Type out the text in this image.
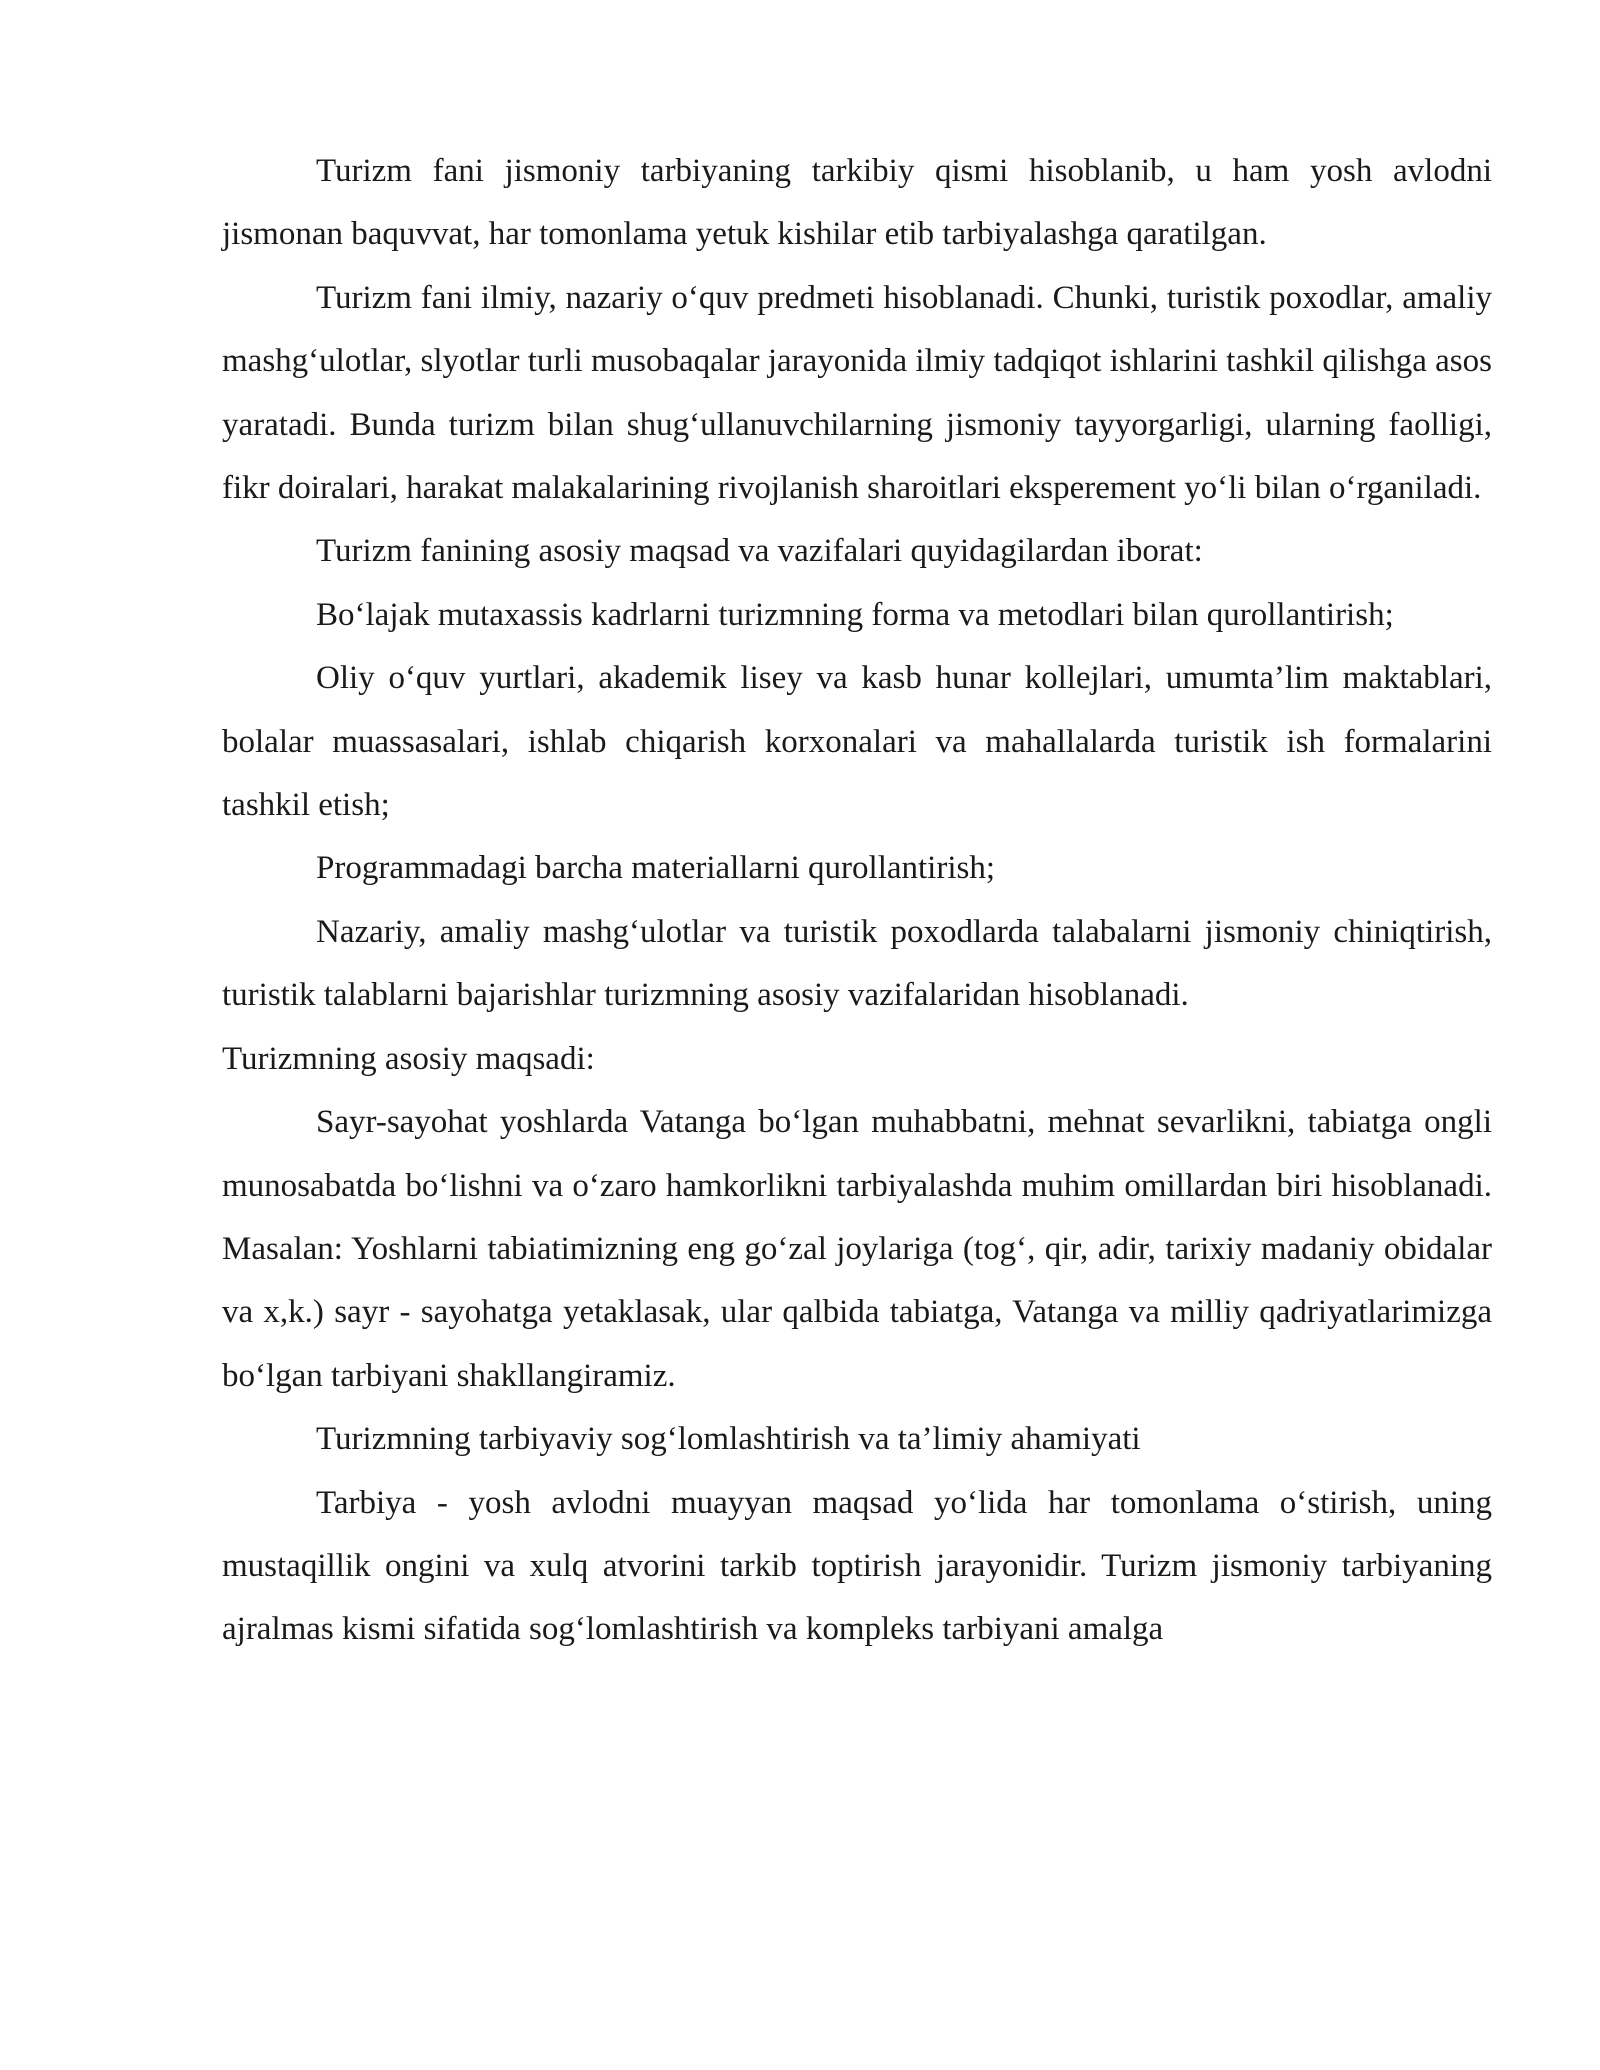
Turizm fani jismoniy tarbiyaning tarkibiy qismi hisoblanib, u ham yosh avlodni jismonan baquvvat, har tomonlama yetuk kishilar etib tarbiyalashga qaratilgan.

Turizm fani ilmiy, nazariy o‘quv predmeti hisoblanadi. Chunki, turistik poxodlar, amaliy mashg‘ulotlar, slyotlar turli musobaqalar jarayonida ilmiy tadqiqot ishlarini tashkil qilishga asos yaratadi. Bunda turizm bilan shug‘ullanuvchilarning jismoniy tayyorgarligi, ularning faolligi, fikr doiralari, harakat malakalarining rivojlanish sharoitlari eksperement yo‘li bilan o‘rganiladi.

Turizm fanining asosiy maqsad va vazifalari quyidagilardan iborat:

Bo‘lajak mutaxassis kadrlarni turizmning forma va metodlari bilan qurollantirish;

Oliy o‘quv yurtlari, akademik lisey va kasb hunar kollejlari, umumta’lim maktablari, bolalar muassasalari, ishlab chiqarish korxonalari va mahallalarda turistik ish formalarini tashkil etish;

Programmadagi barcha materiallarni qurollantirish;

Nazariy, amaliy mashg‘ulotlar va turistik poxodlarda talabalarni jismoniy chiniqtirish, turistik talablarni bajarishlar turizmning asosiy vazifalaridan hisoblanadi.

Turizmning asosiy maqsadi:

Sayr-sayohat yoshlarda Vatanga bo‘lgan muhabbatni, mehnat sevarlikni, tabiatga ongli munosabatda bo‘lishni va o‘zaro hamkorlikni tarbiyalashda muhim omillardan biri hisoblanadi. Masalan: Yoshlarni tabiatimizning eng go‘zal joylariga (tog‘, qir, adir, tarixiy madaniy obidalar va x,k.) sayr - sayohatga yetaklasak, ular qalbida tabiatga, Vatanga va milliy qadriyatlarimizga bo‘lgan tarbiyani shakllangiramiz.

Turizmning tarbiyaviy sog‘lomlashtirish va ta’limiy ahamiyati

Tarbiya - yosh avlodni muayyan maqsad yo‘lida har tomonlama o‘stirish, uning mustaqillik ongini va xulq atvorini tarkib toptirish jarayonidir. Turizm jismoniy tarbiyaning ajralmas kismi sifatida sog‘lomlashtirish va kompleks tarbiyani amalga
